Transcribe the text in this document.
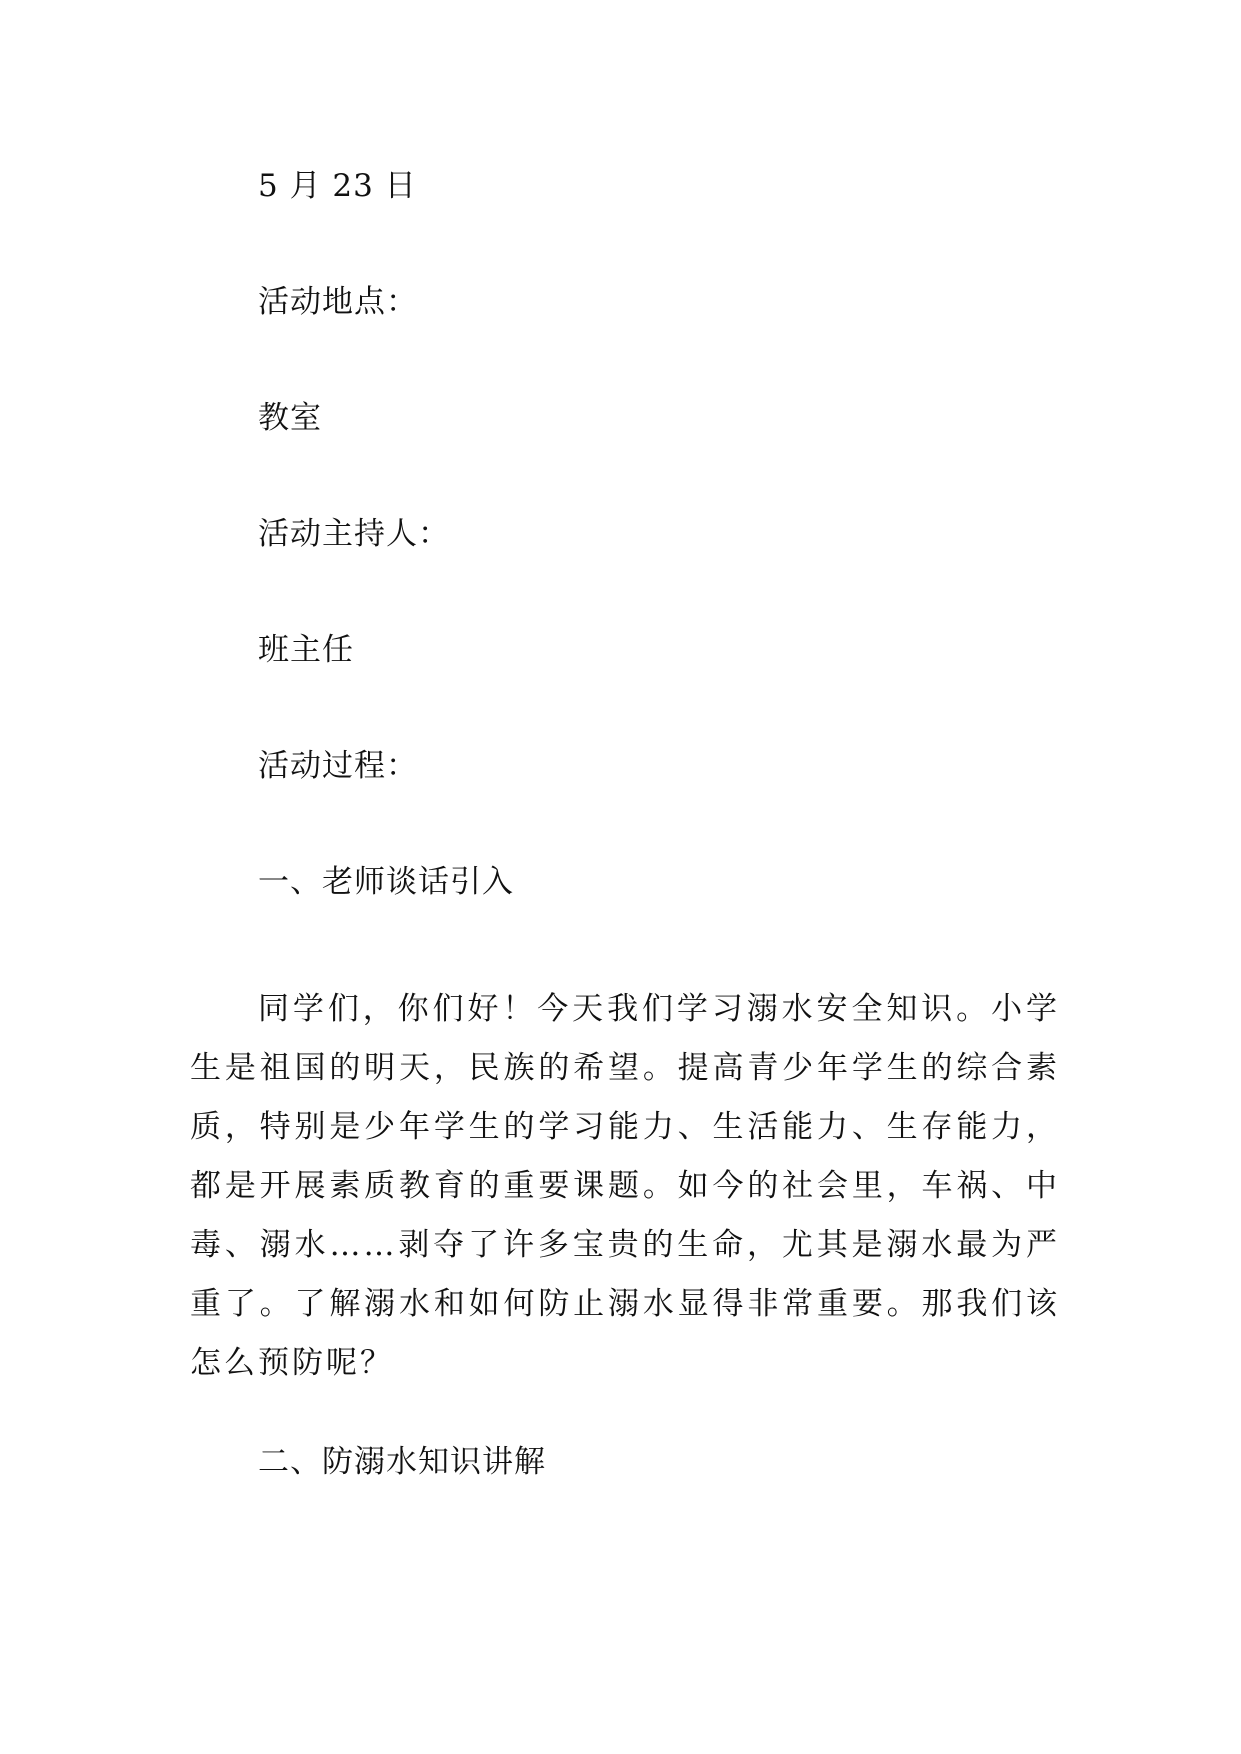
5 月 23 日
活动地点：
教室
活动主持人：
班主任
活动过程：
一、老师谈话引入

同学们，你们好！今天我们学习溺水安全知识。小学生是祖国的明天，民族的希望。提高青少年学生的综合素质，特别是少年学生的学习能力、生活能力、生存能力，都是开展素质教育的重要课题。如今的社会里，车祸、中毒、溺水……剥夺了许多宝贵的生命，尤其是溺水最为严重了。了解溺水和如何防止溺水显得非常重要。那我们该怎么预防呢？

二、防溺水知识讲解
